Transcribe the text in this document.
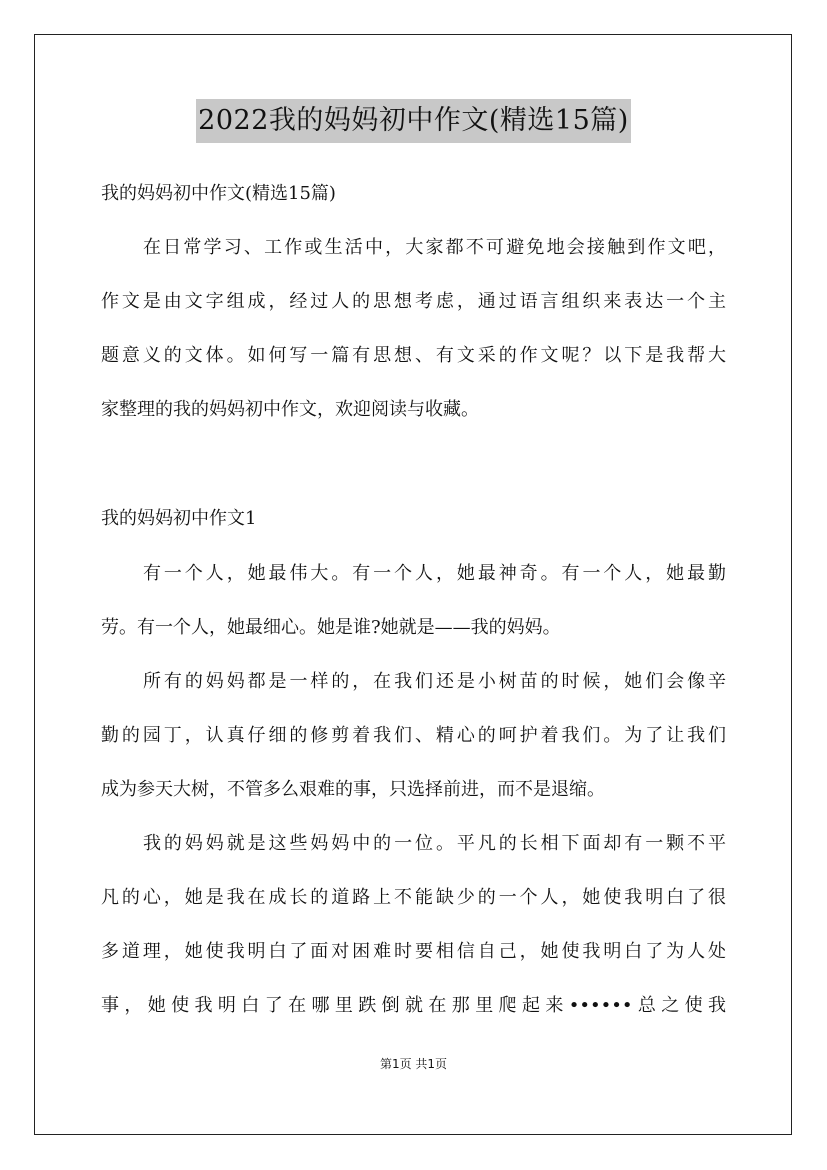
2022我的妈妈初中作文(精选15篇)
我的妈妈初中作文(精选15篇)
在日常学习、工作或生活中，大家都不可避免地会接触到作文吧，
作文是由文字组成，经过人的思想考虑，通过语言组织来表达一个主
题意义的文体。如何写一篇有思想、有文采的作文呢？以下是我帮大
家整理的我的妈妈初中作文，欢迎阅读与收藏。
我的妈妈初中作文1
有一个人，她最伟大。有一个人，她最神奇。有一个人，她最勤
劳。有一个人，她最细心。她是谁?她就是——我的妈妈。
所有的妈妈都是一样的，在我们还是小树苗的时候，她们会像辛
勤的园丁，认真仔细的修剪着我们、精心的呵护着我们。为了让我们
成为参天大树，不管多么艰难的事，只选择前进，而不是退缩。
我的妈妈就是这些妈妈中的一位。平凡的长相下面却有一颗不平
凡的心，她是我在成长的道路上不能缺少的一个人，她使我明白了很
多道理，她使我明白了面对困难时要相信自己，她使我明白了为人处
事，她使我明白了在哪里跌倒就在那里爬起来••••••总之使我
第1页 共1页
